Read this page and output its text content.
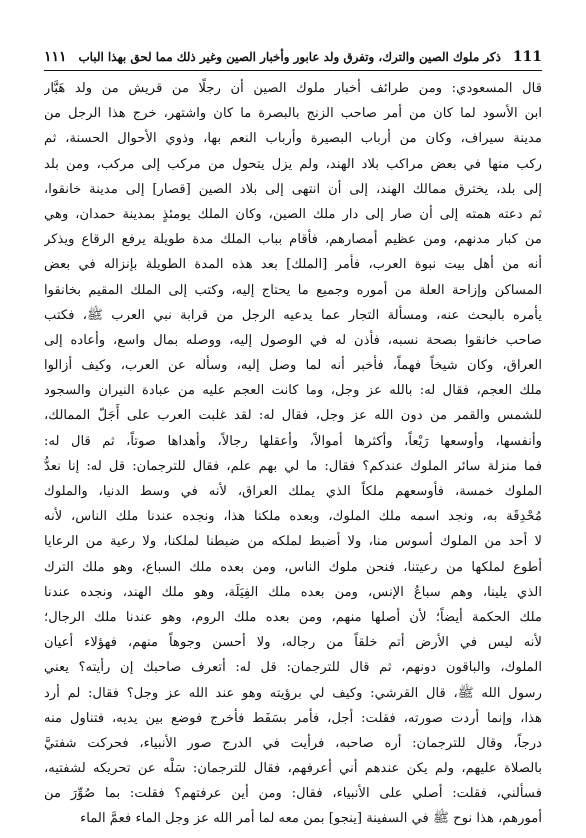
111
ذكر ملوك الصين والترك، وتفرق ولد عابور وأخبار الصين وغير ذلك مما لحق بهذا الباب
١١١
قال المسعودي: ومن طرائف أخبار ملوك الصين أن رجلًا من قريش من ولد هَبَّار
ابن الأسود لما كان من أمر صاحب الزنج بالبصرة ما كان واشتهر، خرج هذا الرجل من
مدينة سيراف، وكان من أرباب البصيرة وأرباب النعم بها، وذوي الأحوال الحسنة، ثم
ركب منها في بعض مراكب بلاد الهند، ولم يزل يتحول من مركب إلى مركب، ومن بلد
إلى بلد، يخترق ممالك الهند، إلى أن انتهى إلى بلاد الصين [قصار] إلى مدينة خانقوا،
ثم دعته همته إلى أن صار إلى دار ملك الصين، وكان الملك يومئذٍ بمدينة حمدان، وهي
من كبار مدنهم، ومن عظيم أمصارهم، فأقام بباب الملك مدة طويلة يرفع الرقاع ويذكر
أنه من أهل بيت نبوة العرب، فأمر [الملك] بعد هذه المدة الطويلة بإنزاله في بعض
المساكن وإزاحة العلة من أموره وجميع ما يحتاج إليه، وكتب إلى الملك المقيم بخانقوا
يأمره بالبحث عنه، ومسألة التجار عما يدعيه الرجل من قرابة نبي العرب ﷺ، فكتب
صاحب خانقوا بصحة نسبه، فأذن له في الوصول إليه، ووصله بمال واسع، وأعاده إلى
العراق، وكان شيخاً فهماً، فأخبر أنه لما وصل إليه، وسأله عن العرب، وكيف أزالوا
ملك العجم، فقال له: بالله عز وجل، وما كانت العجم عليه من عبادة النيران والسجود
للشمس والقمر من دون الله عز وجل، فقال له: لقد غلبت العرب على أَجَلّ الممالك،
وأنفسها، وأوسعها رَيْعاً، وأكثرها أموالاً، وأعقلها رجالاً، وأهداها صوتاً، ثم قال له:
فما منزلة سائر الملوك عندكم؟ فقال: ما لي بهم علم، فقال للترجمان: قل له: إنا نعدُّ
الملوك خمسة، فأوسعهم ملكاً الذي يملك العراق، لأنه في وسط الدنيا، والملوك
مُحْدِقَة به، ونجد اسمه ملك الملوك، وبعده ملكنا هذا، ونجده عندنا ملك الناس، لأنه
لا أحد من الملوك أسوس منا، ولا أضبط لملكه من ضبطنا لملكنا، ولا رعية من الرعايا
أطوع لملكها من رعيتنا، فنحن ملوك الناس، ومن بعده ملك السباع، وهو ملك الترك
الذي يلينا، وهم سباعُ الإنس، ومن بعده ملك الفِيَلَة، وهو ملك الهند، ونجده عندنا
ملك الحكمة أيضاً؛ لأن أصلها منهم، ومن بعده ملك الروم، وهو عندنا ملك الرجال؛
لأنه ليس في الأرض أتم خلقاً من رجاله، ولا أحسن وجوهاً منهم، فهؤلاء أعيان
الملوك، والباقون دونهم، ثم قال للترجمان: قل له: أتعرف صاحبك إن رأيته؟ يعني
رسول الله ﷺ، قال القرشي: وكيف لي برؤيته وهو عند الله عز وجل؟ فقال: لم أرد
هذا، وإنما أردت صورته، فقلت: أجل، فأمر بسَفَط فأخرج فوضع بين يديه، فتناول منه
درجاً، وقال للترجمان: أره صاحبه، فرأيت في الدرج صور الأنبياء، فحركت شفتيَّ
بالصلاة عليهم، ولم يكن عندهم أني أعرفهم، فقال للترجمان: سَلْه عن تحريكه لشفتيه،
فسألني، فقلت: أصلي على الأنبياء، فقال: ومن أين عرفتهم؟ فقلت: بما صُوِّرَ من
أمورهم، هذا نوح ﷺ في السفينة [ينجو] بمن معه لما أمر الله عز وجل الماء فعمَّ الماء
